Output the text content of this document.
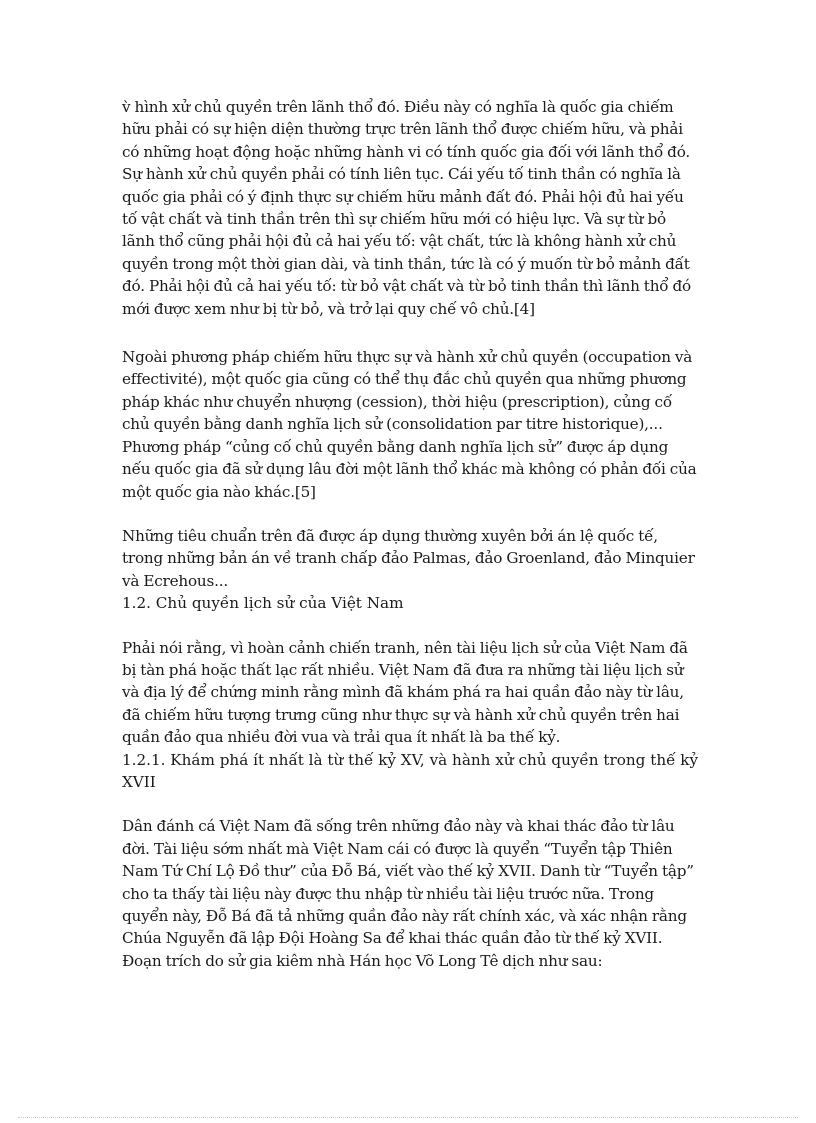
v̀ hình xử chủ quyền trên lãnh thổ đó. Điều này có nghĩa là quốc gia chiếm hữu phải có sự hiện diện thường trực trên lãnh thổ được chiếm hữu, và phải có những hoạt động hoặc những hành vi có tính quốc gia đối với lãnh thổ đó. Sự hành xử chủ quyền phải có tính liên tục. Cái yếu tố tinh thần có nghĩa là quốc gia phải có ý định thực sự chiếm hữu mảnh đất đó. Phải hội đủ hai yếu tố vật chất và tinh thần trên thì sự chiếm hữu mới có hiệu lực. Và sự từ bỏ lãnh thổ cũng phải hội đủ cả hai yếu tố: vật chất, tức là không hành xử chủ quyền trong một thời gian dài, và tinh thần, tức là có ý muốn từ bỏ mảnh đất đó. Phải hội đủ cả hai yếu tố: từ bỏ vật chất và từ bỏ tinh thần thì lãnh thổ đó mới được xem như bị từ bỏ, và trở lại quy chế vô chủ.[4]

Ngoài phương pháp chiếm hữu thực sự và hành xử chủ quyền (occupation và effectivité), một quốc gia cũng có thể thụ đắc chủ quyền qua những phương pháp khác như chuyển nhượng (cession), thời hiệu (prescription), củng cố chủ quyền bằng danh nghĩa lịch sử (consolidation par titre historique),... Phương pháp “củng cố chủ quyền bằng danh nghĩa lịch sử” được áp dụng nếu quốc gia đã sử dụng lâu đời một lãnh thổ khác mà không có phản đối của một quốc gia nào khác.[5]

Những tiêu chuẩn trên đã được áp dụng thường xuyên bởi án lệ quốc tế, trong những bản án về tranh chấp đảo Palmas, đảo Groenland, đảo Minquier và Ecrehous...

1.2. Chủ quyền lịch sử của Việt Nam

Phải nói rằng, vì hoàn cảnh chiến tranh, nên tài liệu lịch sử của Việt Nam đã bị tàn phá hoặc thất lạc rất nhiều. Việt Nam đã đưa ra những tài liệu lịch sử và địa lý để chứng minh rằng mình đã khám phá ra hai quần đảo này từ lâu, đã chiếm hữu tượng trưng cũng như thực sự và hành xử chủ quyền trên hai quần đảo qua nhiều đời vua và trải qua ít nhất là ba thế kỷ.

1.2.1. Khám phá ít nhất là từ thế kỷ XV, và hành xử chủ quyền trong thế kỷ XVII

Dân đánh cá Việt Nam đã sống trên những đảo này và khai thác đảo từ lâu đời. Tài liệu sớm nhất mà Việt Nam cái có được là quyển “Tuyển tập Thiên Nam Tứ Chí Lộ Đồ thư” của Đỗ Bá, viết vào thế kỷ XVII. Danh từ “Tuyển tập” cho ta thấy tài liệu này được thu nhập từ nhiều tài liệu trước nữa. Trong quyển này, Đỗ Bá đã tả những quần đảo này rất chính xác, và xác nhận rằng Chúa Nguyễn đã lập Đội Hoàng Sa để khai thác quần đảo từ thế kỷ XVII. Đoạn trích do sử gia kiêm nhà Hán học Võ Long Tê dịch như sau:
